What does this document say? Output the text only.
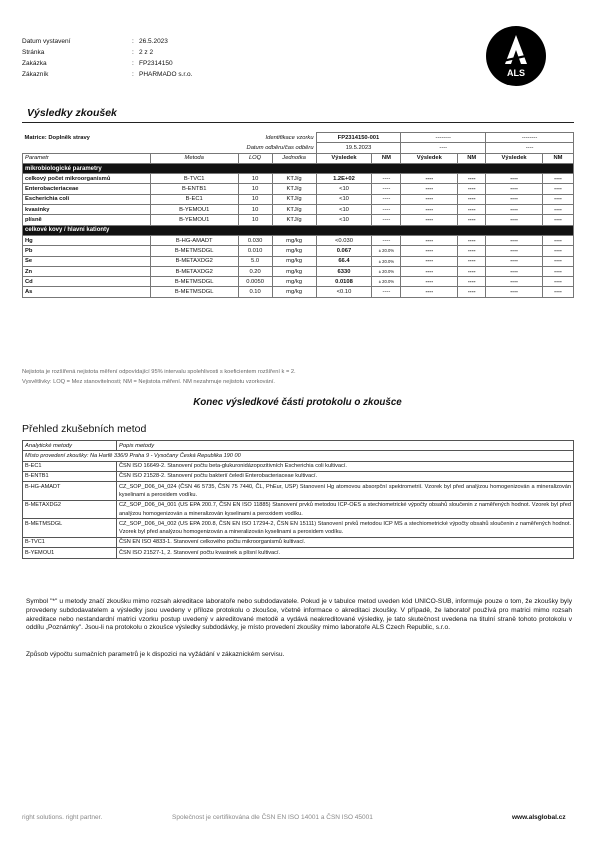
Datum vystavení	: 26.5.2023
Stránka	: 2 z 2
Zakázka	: FP2314150
Zákazník	: PHARMADO s.r.o.	ALS
Výsledky zkoušek
Matrice: Doplněk stravy		Identifikace vzorku		FP2314150-001		--------		--------	
		Datum odběru/čas odběru		19.5.2023		----		----	
Parametr	Metoda	LOQ	Jednotka	Výsledek	NM	Výsledek	NM	Výsledek	NM
mikrobiologické parametry									
celkový počet mikroorganismů	B-TVC1	10	KTJ/g	1.2E+02	----	----	----	----	----
Enterobacteriaceae	B-ENTB1	10	KTJ/g	<10	----	----	----	----	----
Escherichia coli	B-EC1	10	KTJ/g	<10	----	----	----	----	----
kvasinky	B-YEMOU1	10	KTJ/g	<10	----	----	----	----	----
plísně	B-YEMOU1	10	KTJ/g	<10	----	----	----	----	----
celkové kovy / hlavní kationty									
Hg	B-HG-AMADT	0.030	mg/kg	<0.030	----	----	----	----	----
Pb	B-METMSDGL	0.010	mg/kg	0.067	± 20.0%	----	----	----	----
Se	B-METAXDG2	5.0	mg/kg	66.4	± 20.0%	----	----	----	----
Zn	B-METAXDG2	0.20	mg/kg	6330	± 20.0%	----	----	----	----
Cd	B-METMSDGL	0.0050	mg/kg	0.0108	± 20.0%	----	----	----	----
As	B-METMSDGL	0.10	mg/kg	<0.10	----	----	----	----	----
Nejistota je rozšířená nejistota měření odpovídající 95% intervalu spolehlivosti s koeficientem rozšíření k = 2.
Vysvětlivky: LOQ = Mez stanovitelnosti; NM = Nejistota měření. NM nezahrnuje nejistotu vzorkování.
Konec výsledkové části protokolu o zkoušce
Přehled zkušebních metod
Analytické metody	Popis metody
Místo provedení zkoušky: Na Harfě 336/9 Praha 9 - Vysočany Česká Republika 190 00	
B-EC1	ČSN ISO 16649-2. Stanovení počtu beta-glukuronidázopozitivních Escherichia coli kultivací.
B-ENTB1	ČSN ISO 21528-2. Stanovení počtu bakterií čeledi Enterobacteriaceae kultivací.
B-HG-AMADT	CZ_SOP_D06_04_024 (ČSN 46 5735, ČSN 75 7440, ČL, PhEur, USP) Stanovení Hg atomovou absorpční spektrometrií. Vzorek byl před analýzou homogenizován a mineralizován kyselinami a peroxidem vodíku.
B-METAXDG2	CZ_SOP_D06_04_001 (US EPA 200.7, ČSN EN ISO 11885) Stanovení prvků metodou ICP-OES a stechiometrické výpočty obsahů sloučenin z naměřených hodnot. Vzorek byl před analýzou homogenizován a mineralizován kyselinami a peroxidem vodíku.
B-METMSDGL	CZ_SOP_D06_04_002 (US EPA 200.8, ČSN EN ISO 17294-2, ČSN EN 15111) Stanovení prvků metodou ICP MS a stechiometrické výpočty obsahů sloučenin z naměřených hodnot. Vzorek byl před analýzou homogenizován a mineralizován kyselinami a peroxidem vodíku.
B-TVC1	ČSN EN ISO 4833-1. Stanovení celkového počtu mikroorganismů kultivací.
B-YEMOU1	ČSN ISO 21527-1, 2. Stanovení počtu kvasinek a plísní kultivací.
Symbol "*" u metody značí zkoušku mimo rozsah akreditace laboratoře nebo subdodavatele. Pokud je v tabulce metod uveden kód UNICO-SUB, informuje pouze o tom, že zkoušky byly provedeny subdodavatelem a výsledky jsou uvedeny v příloze protokolu o zkoušce, včetně informace o akreditaci zkoušky. V případě, že laboratoř používá pro matrici mimo rozsah akreditace nebo nestandardní matrici vzorku postup uvedený v akreditované metodě a vydává neakreditované výsledky, je tato skutečnost uvedena na titulní straně tohoto protokolu v oddílu „Poznámky". Jsou-li na protokolu o zkoušce výsledky subdodávky, je místo provedení zkoušky mimo laboratoře ALS Czech Republic, s.r.o.
Způsob výpočtu sumačních parametrů je k dispozici na vyžádání v zákaznickém servisu.
right solutions. right partner.	Společnost je certifikována dle ČSN EN ISO 14001 a ČSN ISO 45001	www.alsglobal.cz
